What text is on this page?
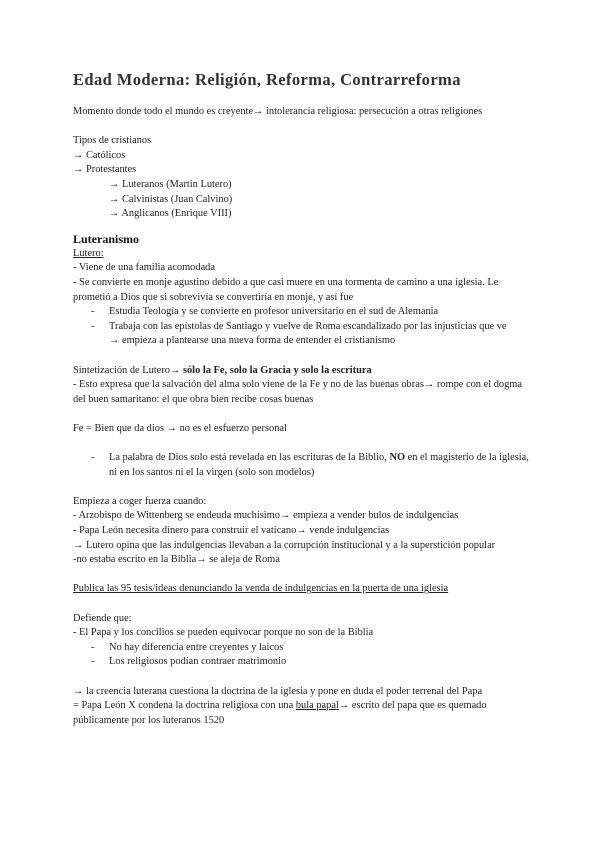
Edad Moderna: Religión, Reforma, Contrarreforma

Momento donde todo el mundo es creyente→ intolerancia religiosa: persecución a otras religiones

Tipos de cristianos

→ Católicos

→ Protestantes

→ Luteranos (Martin Lutero)

→ Calvinistas (Juan Calvino)

→ Anglicanos (Enrique VIII)

Luteranismo

Lutero:

- Viene de una familia acomodada

- Se convierte en monje agustino debido a que casi muere en una tormenta de camino a una iglesia. Le prometió a Dios que si sobrevivía se convertiría en monje, y así fue

- Estudia Teología y se convierte en profesor universitario en el sud de Alemania
- Trabaja con las epístolas de Santiago y vuelve de Roma escandalizado por las injusticias que ve

→ empieza a plantearse una nueva forma de entender el cristianismo

Sintetización de Lutero→ sólo la Fe, solo la Gracia y solo la escritura

- Esto expresa que la salvación del alma solo viene de la Fe y no de las buenas obras→ rompe con el dogma del buen samaritano: el que obra bien recibe cosas buenas

Fe = Bien que da dios → no es el esfuerzo personal

- La palabra de Dios solo está revelada en las escrituras de la Biblio, NO en el magisterio de la iglesia, ni en los santos ni el la virgen (solo son modelos)

Empieza a coger fuerza cuando:

- Arzobispo de Wittenberg se endeuda muchísimo→ empieza a vender bulos de indulgencias

- Papa León necesita dinero para construir el vaticano→ vende indulgencias

→ Lutero opina que las indulgencias llevaban a la corrupción institucional y a la superstición popular

-no estaba escrito en la Biblia→ se aleja de Roma

Publica las 95 tesis/ideas denunciando la venda de indulgencias en la puerta de una iglesia

Defiende que:

- El Papa y los concilios se pueden equivocar porque no son de la Biblia

- No hay diferencia entre creyentes y laicos
- Los religiosos podían contraer matrimonio

→ la creencia luterana cuestiona la doctrina de la iglesia y pone en duda el poder terrenal del Papa

= Papa León X condena la doctrina religiosa con una bula papal→ escrito del papa que es quemado públicamente por los luteranos 1520
